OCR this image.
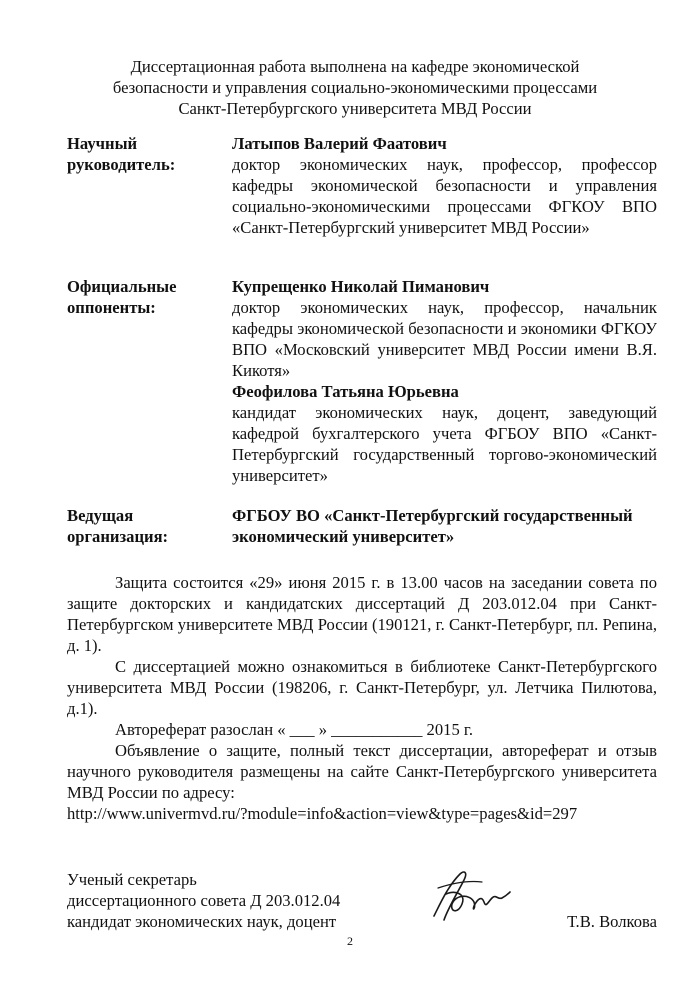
Диссертационная работа выполнена на кафедре экономической
безопасности и управления социально-экономическими процессами
Санкт-Петербургского университета МВД России
Научный руководитель:
Латыпов Валерий Фаатович
доктор экономических наук, профессор, профессор кафедры экономической безопасности и управления социально-экономическими процессами ФГКОУ ВПО «Санкт-Петербургский университет МВД России»
Официальные оппоненты:
Купрещенко Николай Пиманович
доктор экономических наук, профессор, начальник кафедры экономической безопасности и экономики ФГКОУ ВПО «Московский университет МВД России имени В.Я. Кикотя»
Феофилова Татьяна Юрьевна
кандидат экономических наук, доцент, заведующий кафедрой бухгалтерского учета ФГБОУ ВПО «Санкт-Петербургский государственный торгово-экономический университет»
Ведущая организация:
ФГБОУ ВО «Санкт-Петербургский государственный экономический университет»
Защита состоится «29» июня 2015 г. в 13.00 часов на заседании совета по защите докторских и кандидатских диссертаций Д 203.012.04 при Санкт-Петербургском университете МВД России (190121, г. Санкт-Петербург, пл. Репина, д. 1).
С диссертацией можно ознакомиться в библиотеке Санкт-Петербургского университета МВД России (198206, г. Санкт-Петербург, ул. Летчика Пилютова, д.1).
Автореферат разослан « ___ » ___________ 2015 г.
Объявление о защите, полный текст диссертации, автореферат и отзыв научного руководителя размещены на сайте Санкт-Петербургского университета МВД России по адресу:
http://www.univermvd.ru/?module=info&action=view&type=pages&id=297
Ученый секретарь
диссертационного совета Д 203.012.04
кандидат экономических наук, доцент	Т.В. Волкова
2
